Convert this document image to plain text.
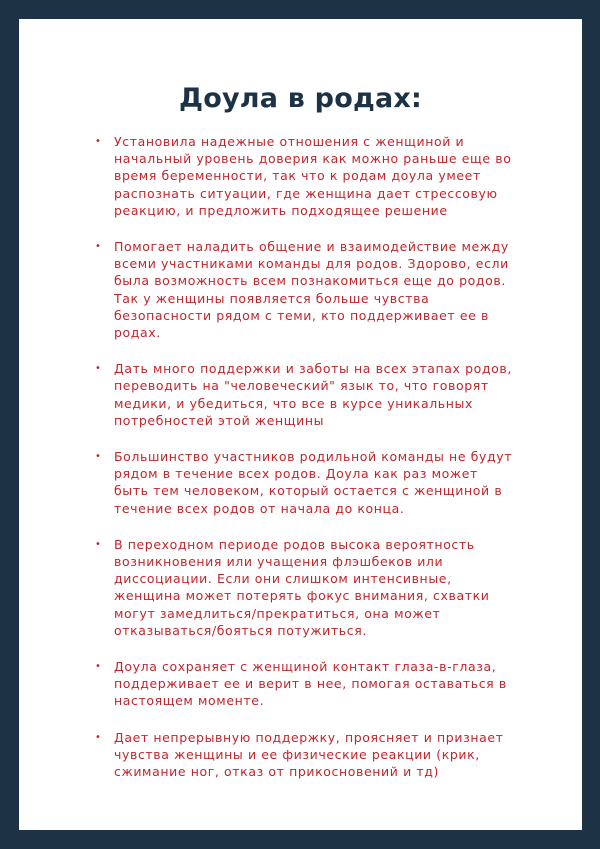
Доула в родах:
• Установила надежные отношения с женщиной и начальный уровень доверия как можно раньше еще во время беременности, так что к родам доула умеет распознать ситуации, где женщина дает стрессовую реакцию, и предложить подходящее решение
• Помогает наладить общение и взаимодействие между всеми участниками команды для родов. Здорово, если была возможность всем познакомиться еще до родов. Так у женщины появляется больше чувства безопасности рядом с теми, кто поддерживает ее в родах.
• Дать много поддержки и заботы на всех этапах родов, переводить на "человеческий" язык то, что говорят медики, и убедиться, что все в курсе уникальных потребностей этой женщины
• Большинство участников родильной команды не будут рядом в течение всех родов. Доула как раз может быть тем человеком, который остается с женщиной в течение всех родов от начала до конца.
• В переходном периоде родов высока вероятность возникновения или учащения флэшбеков или диссоциации. Если они слишком интенсивные, женщина может потерять фокус внимания, схватки могут замедлиться/прекратиться, она может отказываться/бояться потужиться.
• Доула сохраняет с женщиной контакт глаза-в-глаза, поддерживает ее и верит в нее, помогая оставаться в настоящем моменте.
• Дает непрерывную поддержку, проясняет и признает чувства женщины и ее физические реакции (крик, сжимание ног, отказ от прикосновений и тд)
